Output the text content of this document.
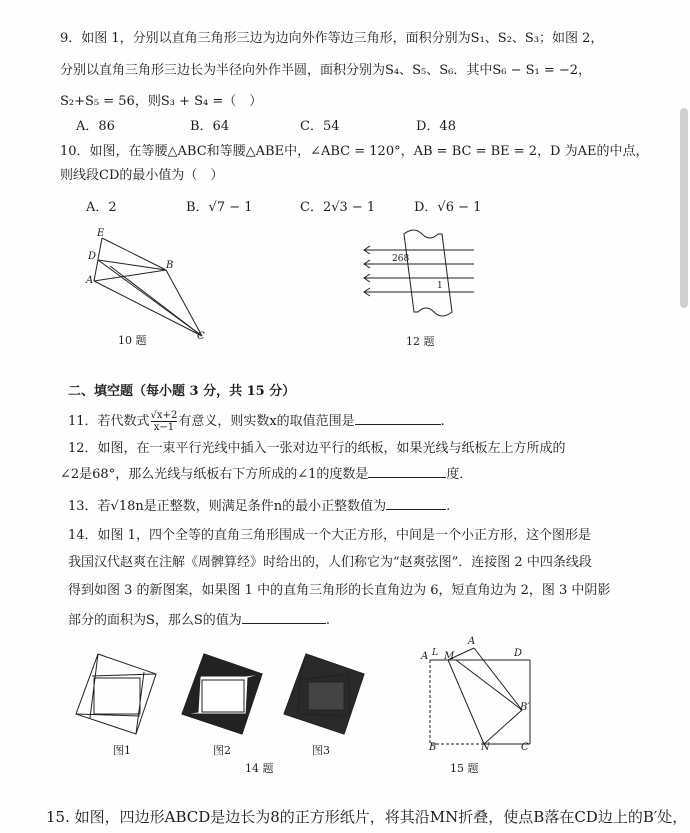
9．如图 1，分别以直角三角形三边为边向外作等边三角形，面积分别为S₁、S₂、S₃；如图 2，
分别以直角三角形三边长为半径向外作半圆，面积分别为S₄、S₅、S₆．其中S₆ − S₁ = −2，
S₂+S₅ = 56，则S₃ + S₄ =（　）
A．86	B．64	C．54	D．48
10．如图，在等腰△ABC和等腰△ABE中，∠ABC = 120°，AB = BC = BE = 2，D 为AE的中点，
则线段CD的最小值为（　）
A．2	B．√7 − 1	C．2√3 − 1	D．√6 − 1
E
D
A
B
C
10 题
268
1
12 题
二、填空题（每小题 3 分，共 15 分）
11．若代数式 $\frac{√x+2}{x-1}$ 有意义，则实数x的取值范围是	.
12．如图，在一束平行光线中插入一张对边平行的纸板，如果光线与纸板左上方所成的
∠2是68°，那么光线与纸板右下方所成的∠1的度数是	度．
13．若√18n是正整数，则满足条件n的最小正整数值为	.
14．如图 1，四个全等的直角三角形围成一个大正方形，中间是一个小正方形，这个图形是
我国汉代赵爽在注解《周髀算经》时给出的，人们称它为“赵爽弦图”．连接图 2 中四条线段
得到如图 3 的新图案，如果图 1 中的直角三角形的长直角边为 6，短直角边为 2，图 3 中阴影
部分的面积为S，那么S的值为	.
图1	图2	图3
14 题
A L M
A
D
B′
B	N	C
15 题
15. 如图，四边形ABCD是边长为8的正方形纸片，将其沿MN折叠，使点B落在CD边上的B′处，
